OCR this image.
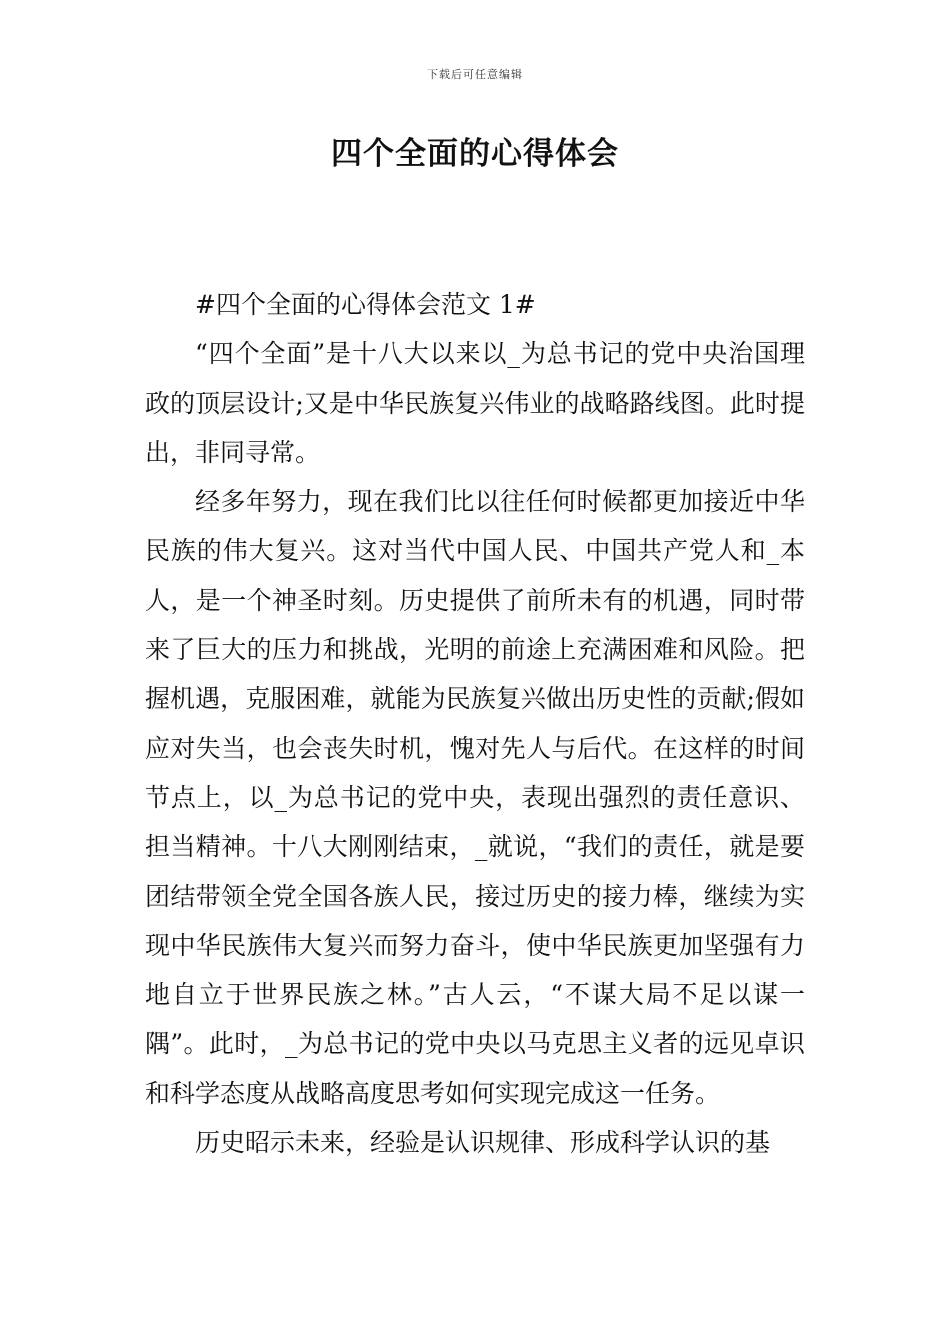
下载后可任意编辑
四个全面的心得体会
#四个全面的心得体会范文 1#

“四个全面”是十八大以来以_为总书记的党中央治国理政的顶层设计;又是中华民族复兴伟业的战略路线图。此时提出，非同寻常。

经多年努力，现在我们比以往任何时候都更加接近中华民族的伟大复兴。这对当代中国人民、中国共产党人和_本人，是一个神圣时刻。历史提供了前所未有的机遇，同时带来了巨大的压力和挑战，光明的前途上充满困难和风险。把握机遇，克服困难，就能为民族复兴做出历史性的贡献;假如应对失当，也会丧失时机，愧对先人与后代。在这样的时间节点上，以_为总书记的党中央，表现出强烈的责任意识、担当精神。十八大刚刚结束，_就说，“我们的责任，就是要团结带领全党全国各族人民，接过历史的接力棒，继续为实现中华民族伟大复兴而努力奋斗，使中华民族更加坚强有力地自立于世界民族之林。”古人云，“不谋大局不足以谋一隅”。此时，_为总书记的党中央以马克思主义者的远见卓识和科学态度从战略高度思考如何实现完成这一任务。

历史昭示未来，经验是认识规律、形成科学认识的基
